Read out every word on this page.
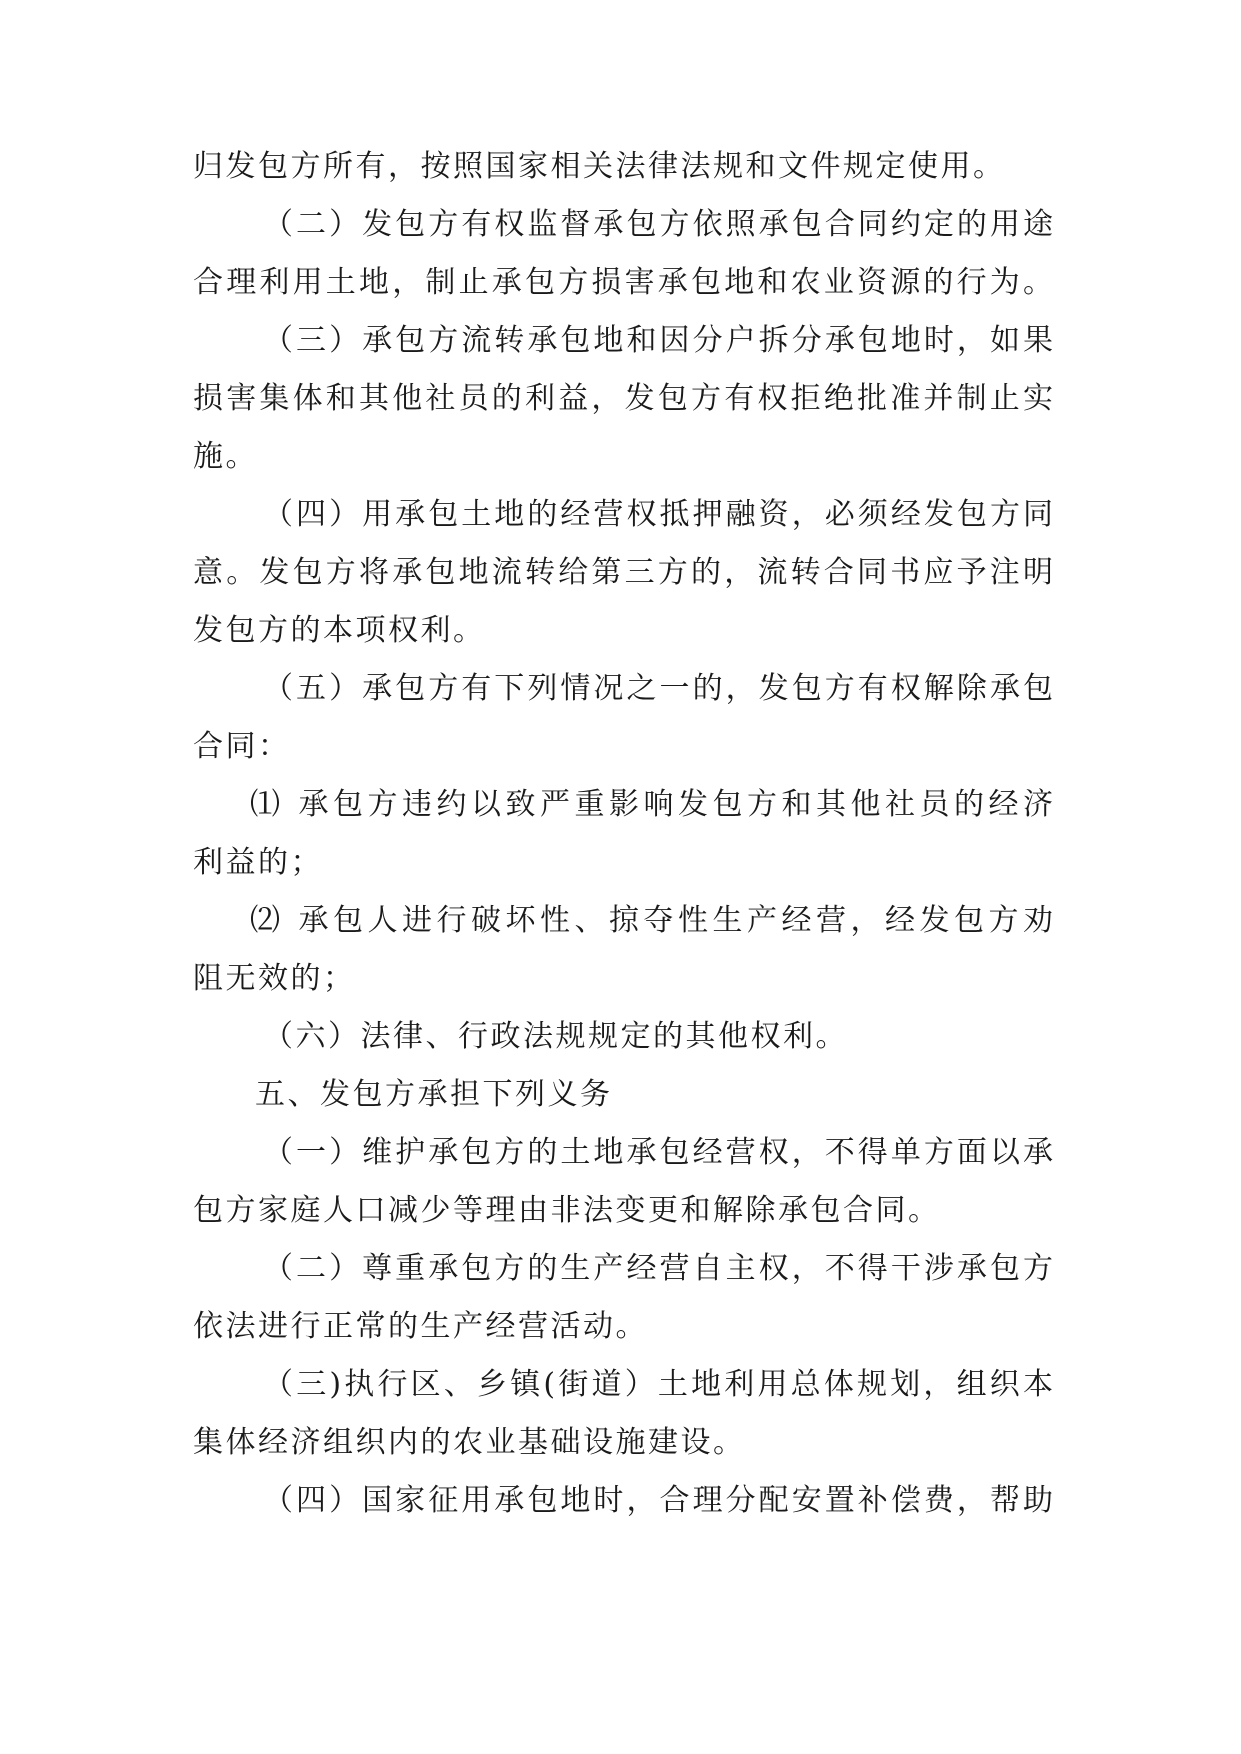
归发包方所有，按照国家相关法律法规和文件规定使用。
（二）发包方有权监督承包方依照承包合同约定的用途
合理利用土地，制止承包方损害承包地和农业资源的行为。
（三）承包方流转承包地和因分户拆分承包地时，如果
损害集体和其他社员的利益，发包方有权拒绝批准并制止实
施。
（四）用承包土地的经营权抵押融资，必须经发包方同
意。发包方将承包地流转给第三方的，流转合同书应予注明
发包方的本项权利。
（五）承包方有下列情况之一的，发包方有权解除承包
合同：
⑴ 承包方违约以致严重影响发包方和其他社员的经济
利益的；
⑵ 承包人进行破坏性、掠夺性生产经营，经发包方劝
阻无效的；
（六）法律、行政法规规定的其他权利。
五、发包方承担下列义务
（一）维护承包方的土地承包经营权，不得单方面以承
包方家庭人口减少等理由非法变更和解除承包合同。
（二）尊重承包方的生产经营自主权，不得干涉承包方
依法进行正常的生产经营活动。
（三)执行区、乡镇(街道）土地利用总体规划，组织本
集体经济组织内的农业基础设施建设。
（四）国家征用承包地时，合理分配安置补偿费，帮助
